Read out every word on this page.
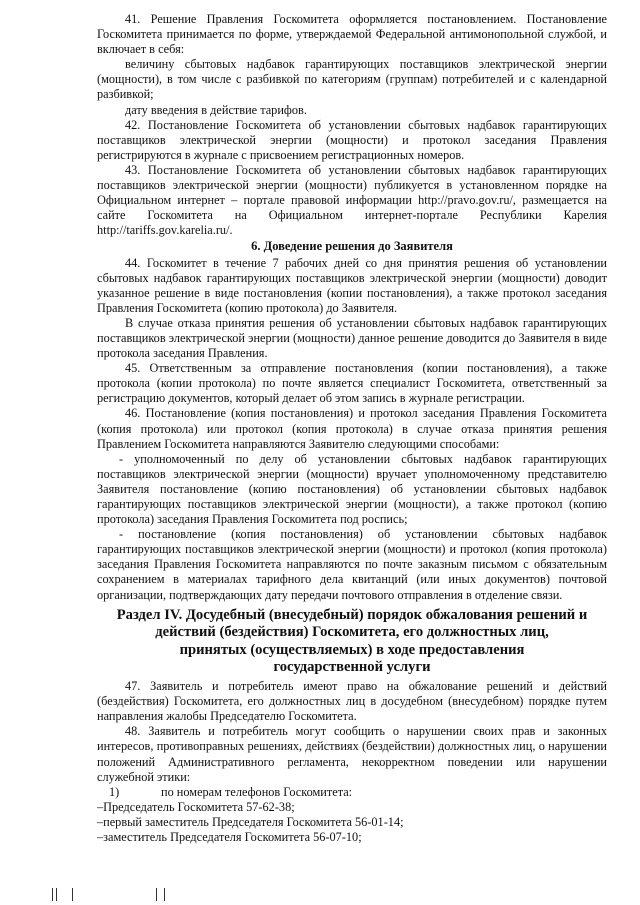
41. Решение Правления Госкомитета оформляется постановлением. Постановление Госкомитета принимается по форме, утверждаемой Федеральной антимонопольной службой, и включает в себя:

величину сбытовых надбавок гарантирующих поставщиков электрической энергии (мощности), в том числе с разбивкой по категориям (группам) потребителей и с календарной разбивкой;

дату введения в действие тарифов.

42. Постановление Госкомитета об установлении сбытовых надбавок гарантирующих поставщиков электрической энергии (мощности) и протокол заседания Правления регистрируются в журнале с присвоением регистрационных номеров.

43. Постановление Госкомитета об установлении сбытовых надбавок гарантирующих поставщиков электрической энергии (мощности) публикуется в установленном порядке на Официальном интернет – портале правовой информации http://pravo.gov.ru/, размещается на сайте Госкомитета на Официальном интернет-портале Республики Карелия http://tariffs.gov.karelia.ru/.

6. Доведение решения до Заявителя

44. Госкомитет в течение 7 рабочих дней со дня принятия решения об установлении сбытовых надбавок гарантирующих поставщиков электрической энергии (мощности) доводит указанное решение в виде постановления (копии постановления), а также протокол заседания Правления Госкомитета (копию протокола) до Заявителя.

В случае отказа принятия решения об установлении сбытовых надбавок гарантирующих поставщиков электрической энергии (мощности) данное решение доводится до Заявителя в виде протокола заседания Правления.

45. Ответственным за отправление постановления (копии постановления), а также протокола (копии протокола) по почте является специалист Госкомитета, ответственный за регистрацию документов, который делает об этом запись в журнале регистрации.

46. Постановление (копия постановления) и протокол заседания Правления Госкомитета (копия протокола) или протокол (копия протокола) в случае отказа принятия решения Правлением Госкомитета направляются Заявителю следующими способами:

- уполномоченный по делу об установлении сбытовых надбавок гарантирующих поставщиков электрической энергии (мощности) вручает уполномоченному представителю Заявителя постановление (копию постановления) об установлении сбытовых надбавок гарантирующих поставщиков электрической энергии (мощности), а также протокол (копию протокола) заседания Правления Госкомитета под роспись;

- постановление (копия постановления) об установлении сбытовых надбавок гарантирующих поставщиков электрической энергии (мощности) и протокол (копия протокола) заседания Правления Госкомитета направляются по почте заказным письмом с обязательным сохранением в материалах тарифного дела квитанций (или иных документов) почтовой организации, подтверждающих дату передачи почтового отправления в отделение связи.

Раздел IV. Досудебный (внесудебный) порядок обжалования решений и
действий (бездействия) Госкомитета, его должностных лиц,
принятых (осуществляемых) в ходе предоставления
государственной услуги

47. Заявитель и потребитель имеют право на обжалование решений и действий (бездействия) Госкомитета, его должностных лиц в досудебном (внесудебном) порядке путем направления жалобы Председателю Госкомитета.

48. Заявитель и потребитель могут сообщить о нарушении своих прав и законных интересов, противоправных решениях, действиях (бездействии) должностных лиц, о нарушении положений Административного регламента, некорректном поведении или нарушении служебной этики:

1)	по номерам телефонов Госкомитета:

–Председатель Госкомитета 57-62-38;

–первый заместитель Председателя Госкомитета 56-01-14;

–заместитель Председателя Госкомитета 56-07-10;
